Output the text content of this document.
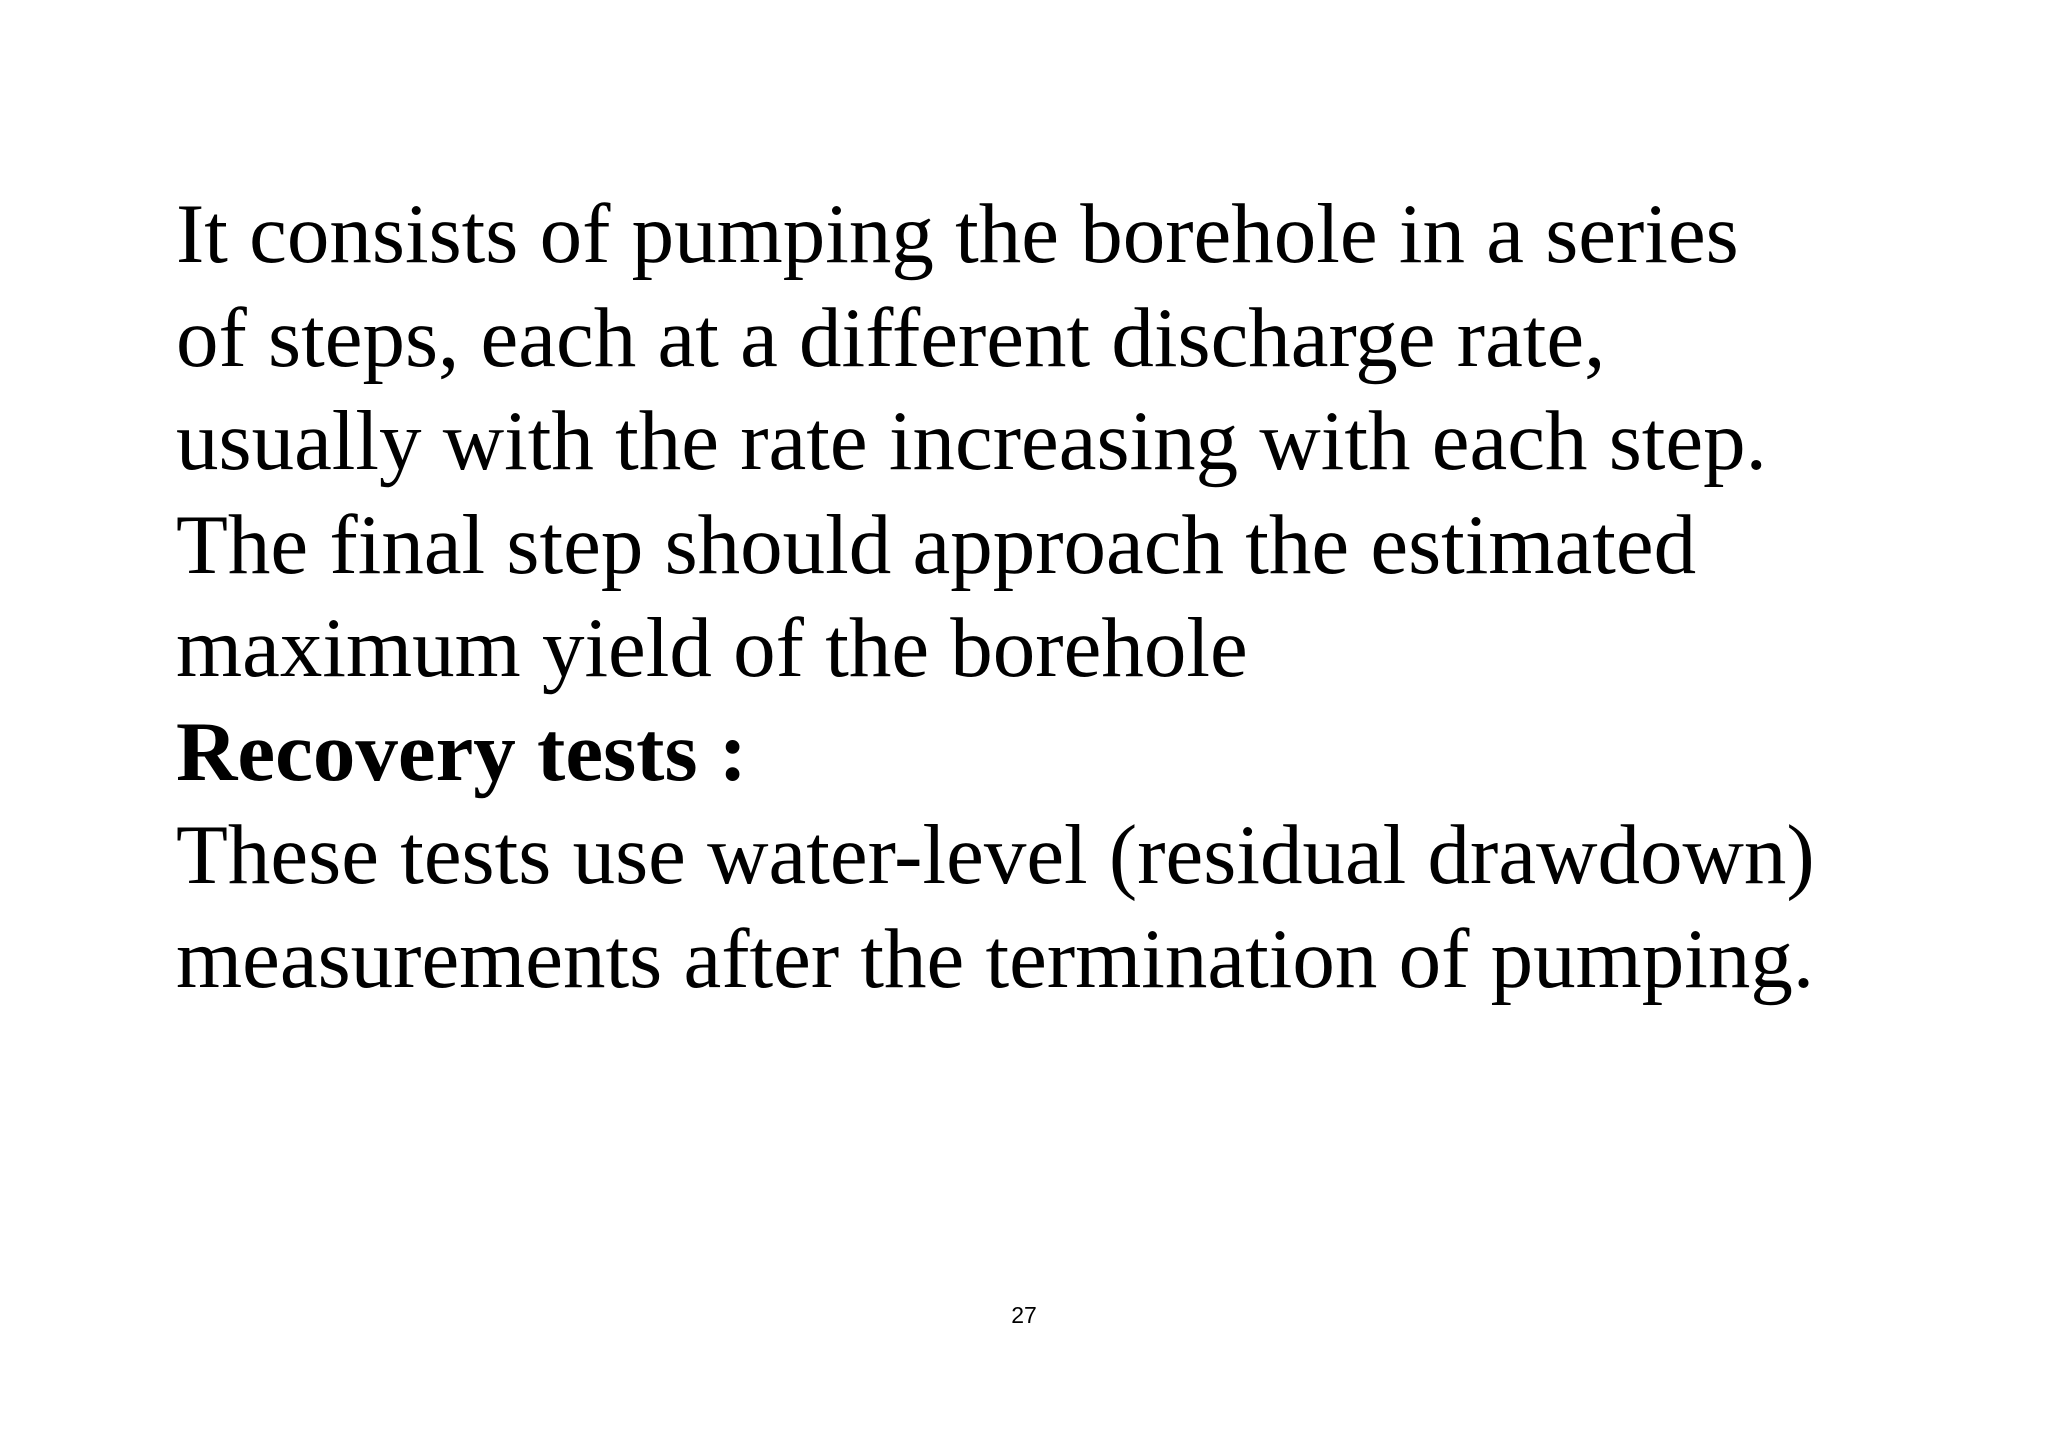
It consists of pumping the borehole in a series
of steps, each at a different discharge rate,
usually with the rate increasing with each step.
The final step should approach the estimated
maximum yield of the borehole
Recovery tests :
These tests use water-level (residual drawdown)
measurements after the termination of pumping.
27
